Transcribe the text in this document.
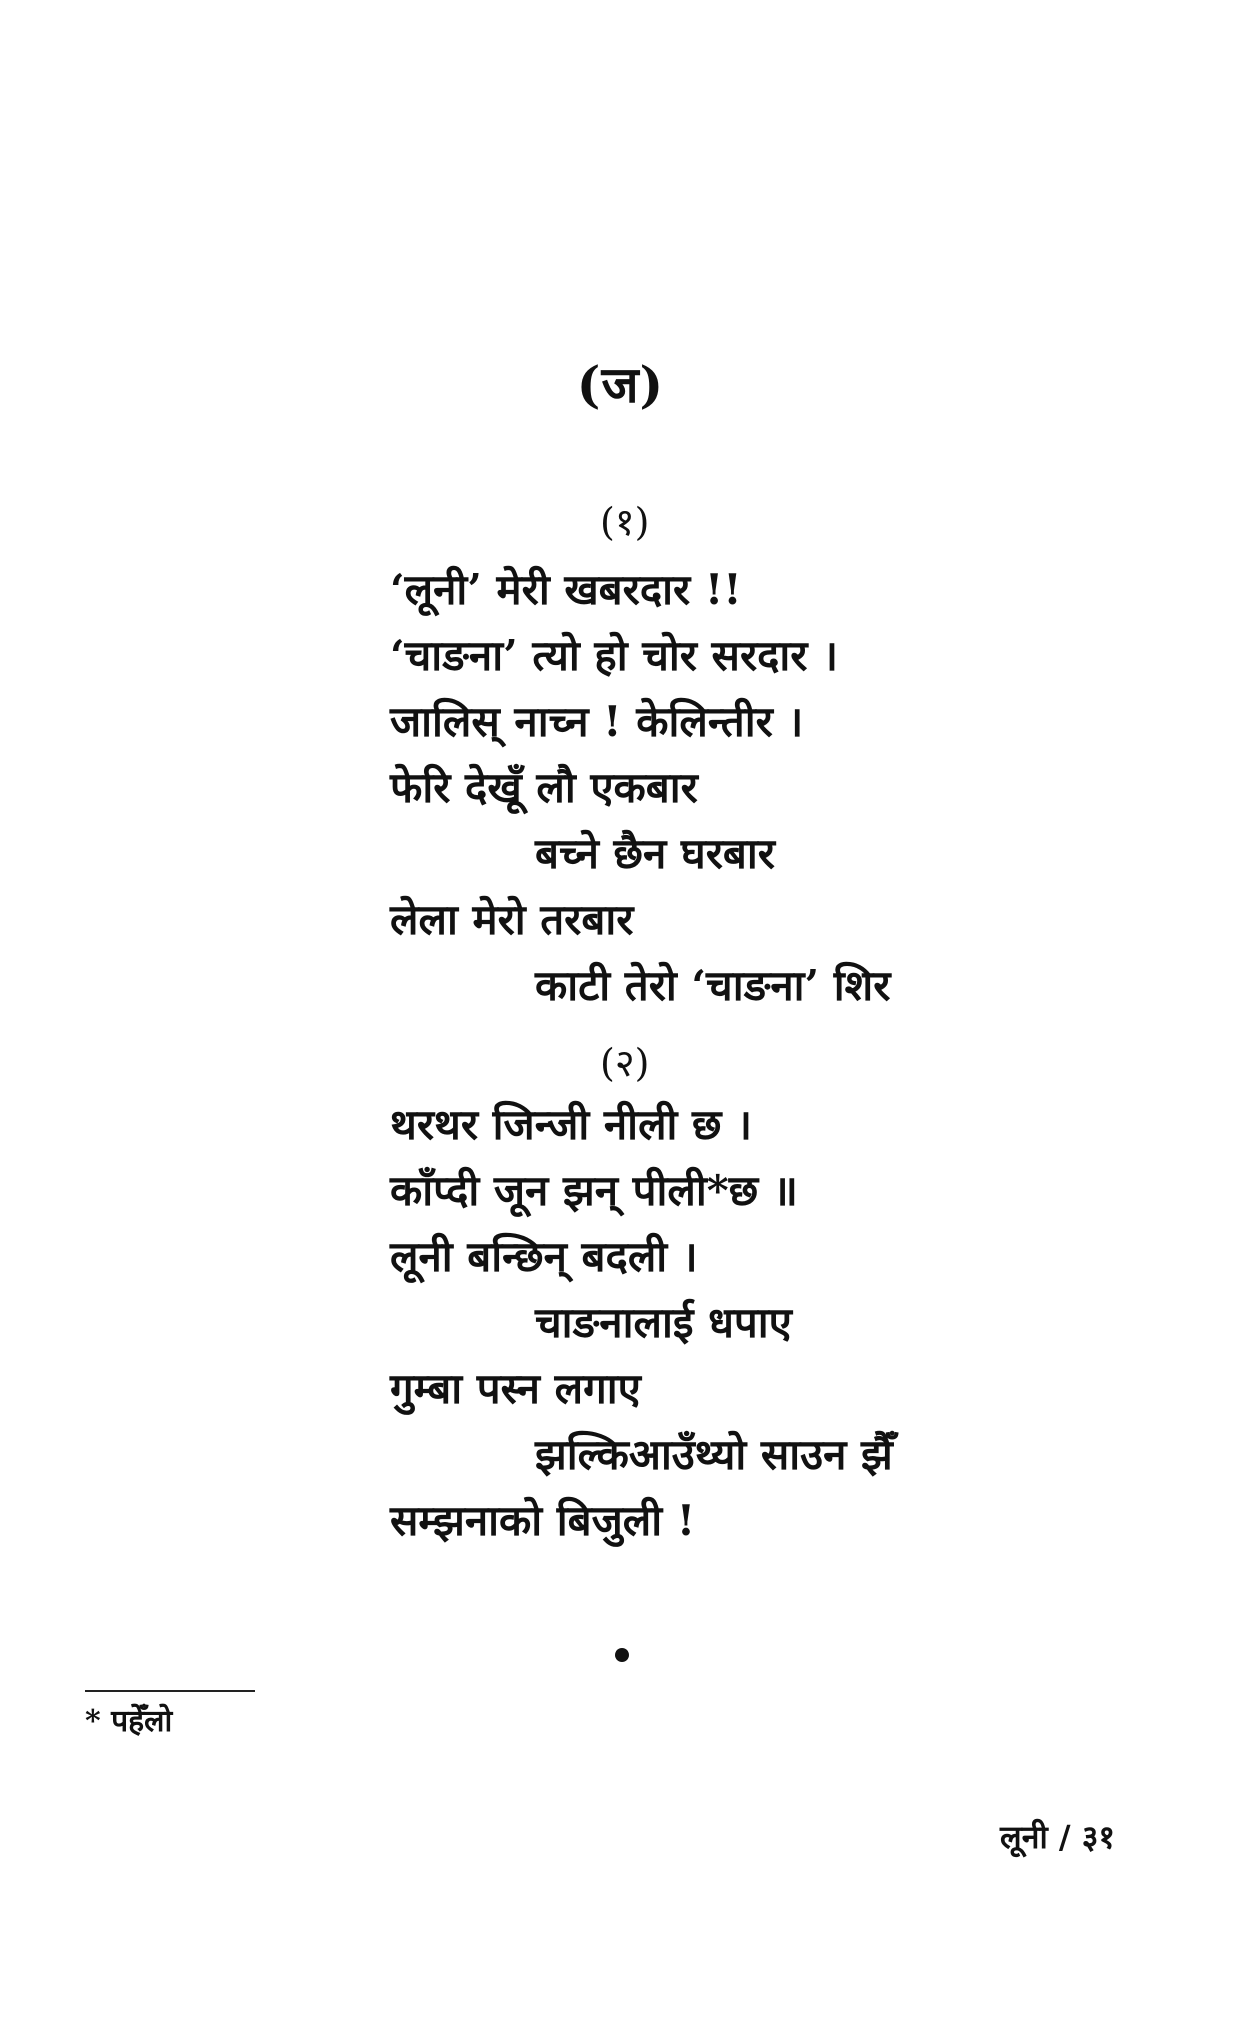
(ज)
(१)
‘लूनी’ मेरी खबरदार !!
‘चाङना’ त्यो हो चोर सरदार ।
जालिस् नाच्न ! केलिन्तीर ।
फेरि देखूँ लौ एकबार
बच्ने छैन घरबार
लेला मेरो तरबार
काटी तेरो ‘चाङना’ शिर
(२)
थरथर जिन्जी नीली छ ।
काँप्दी जून झन् पीली*छ ॥
लूनी बन्छिन् बदली ।
चाङनालाई धपाए
गुम्बा पस्न लगाए
झल्किआउँथ्यो साउन झैँ
सम्झनाको बिजुली !
* पहेँलो
लूनी / ३१
